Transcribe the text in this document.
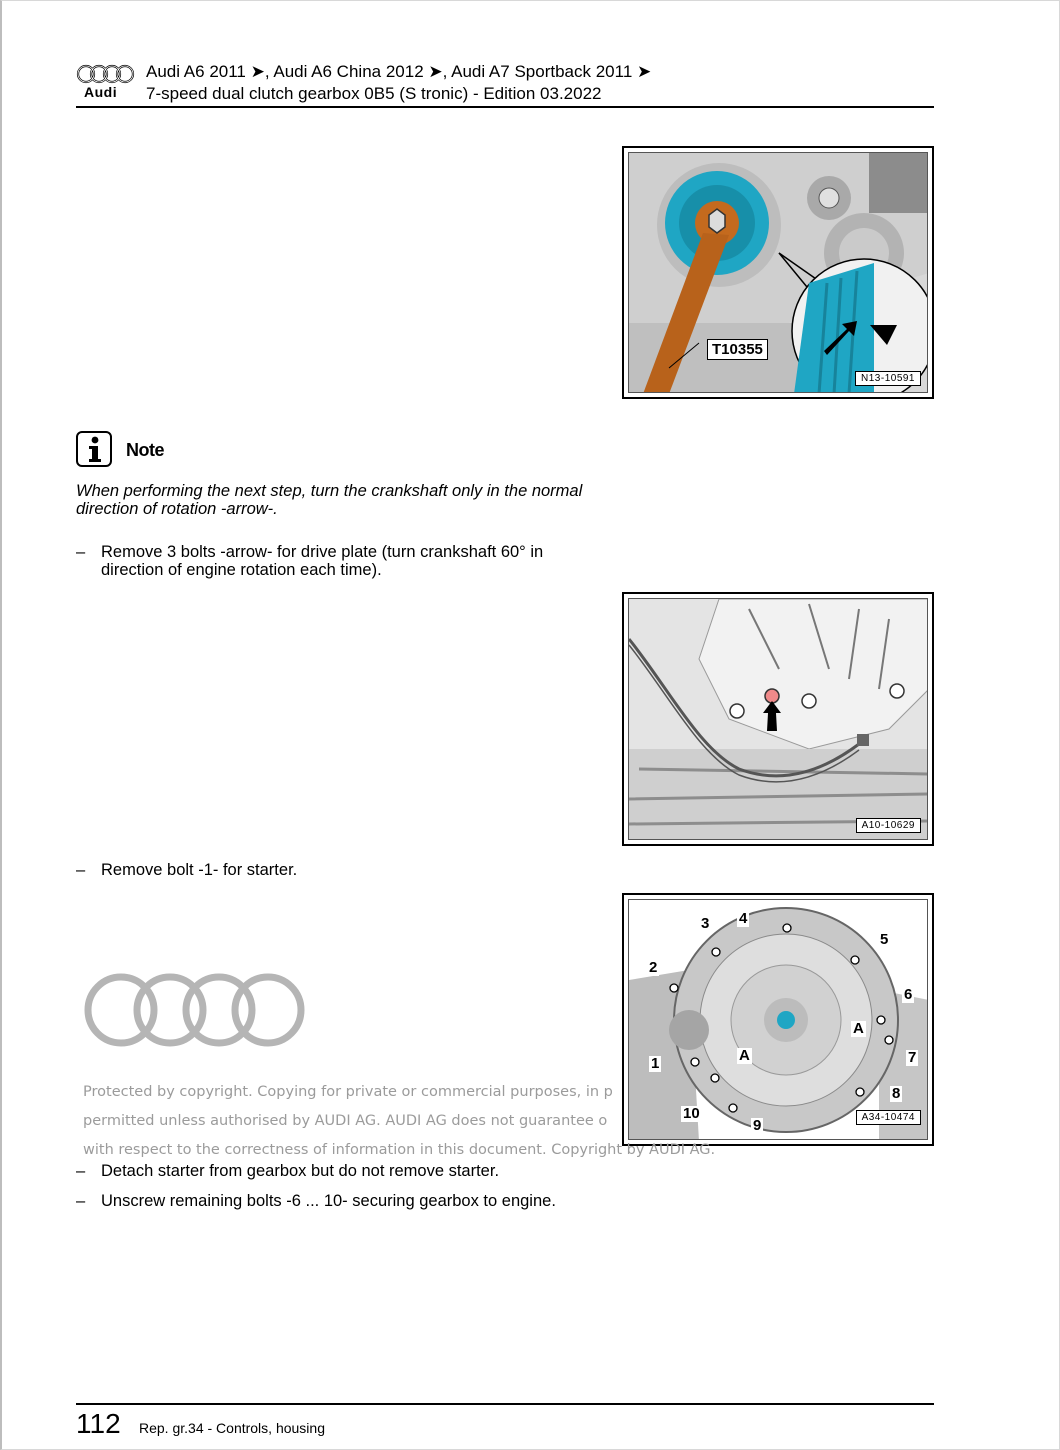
Audi
Audi A6 2011 ➤, Audi A6 China 2012 ➤, Audi A7 Sportback 2011 ➤
7-speed dual clutch gearbox 0B5 (S tronic) - Edition 03.2022
T10355
N13-10591
Note
When performing the next step, turn the crankshaft only in the normal direction of rotation -arrow-.
– Remove 3 bolts -arrow- for drive plate (turn crankshaft 60° in direction of engine rotation each time).
A10-10629
– Remove bolt -1- for starter.
3 4
5
2
6
A
7
A
1
8
10
9	A34-10474
Protected by copyright. Copying for private or commercial purposes, in p
permitted unless authorised by AUDI AG. AUDI AG does not guarantee o
with respect to the correctness of information in this document. Copyright by AUDI AG.
– Detach starter from gearbox but do not remove starter.
– Unscrew remaining bolts -6 ... 10- securing gearbox to engine.
112 Rep. gr.34 - Controls, housing
